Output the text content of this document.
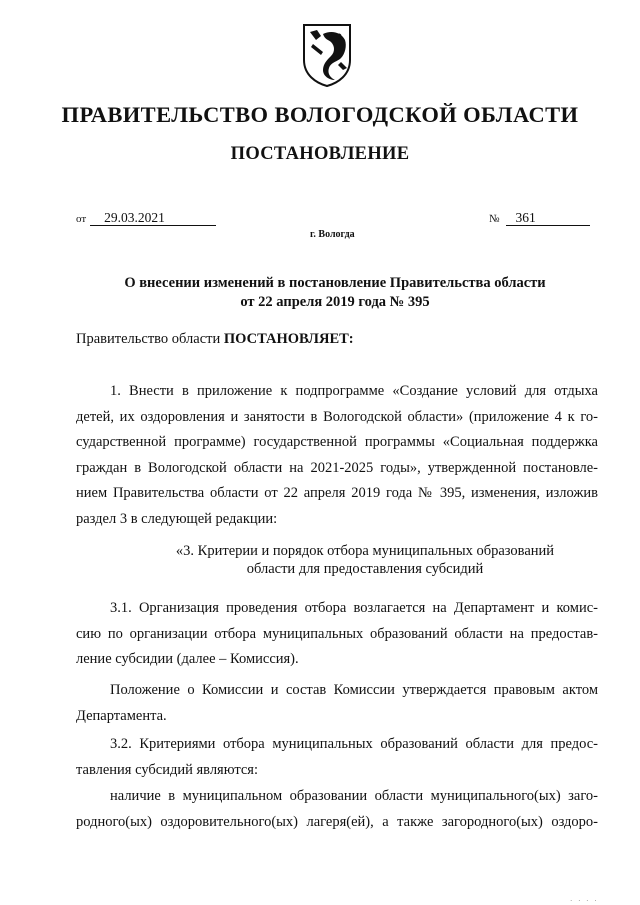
ПРАВИТЕЛЬСТВО ВОЛОГОДСКОЙ ОБЛАСТИ
ПОСТАНОВЛЕНИЕ
от 29.03.2021	№ 361
г. Вологда
О внесении изменений в постановление Правительства области
от 22 апреля 2019 года № 395
Правительство области ПОСТАНОВЛЯЕТ:
1. Внести в приложение к подпрограмме «Создание условий для отдыха
детей, их оздоровления и занятости в Вологодской области» (приложение 4 к го-
сударственной программе) государственной программы «Социальная поддержка
граждан в Вологодской области на 2021-2025 годы», утвержденной постановле-
нием Правительства области от 22 апреля 2019 года № 395, изменения, изложив
раздел 3 в следующей редакции:
«3. Критерии и порядок отбора муниципальных образований
области для предоставления субсидий
3.1. Организация проведения отбора возлагается на Департамент и комис-
сию по организации отбора муниципальных образований области на предостав-
ление субсидии (далее – Комиссия).
Положение о Комиссии и состав Комиссии утверждается правовым актом
Департамента.
3.2. Критериями отбора муниципальных образований области для предос-
тавления субсидий являются:
наличие в муниципальном образовании области муниципального(ых) заго-
родного(ых) оздоровительного(ых) лагеря(ей), а также загородного(ых) оздоро-
· · · ·
